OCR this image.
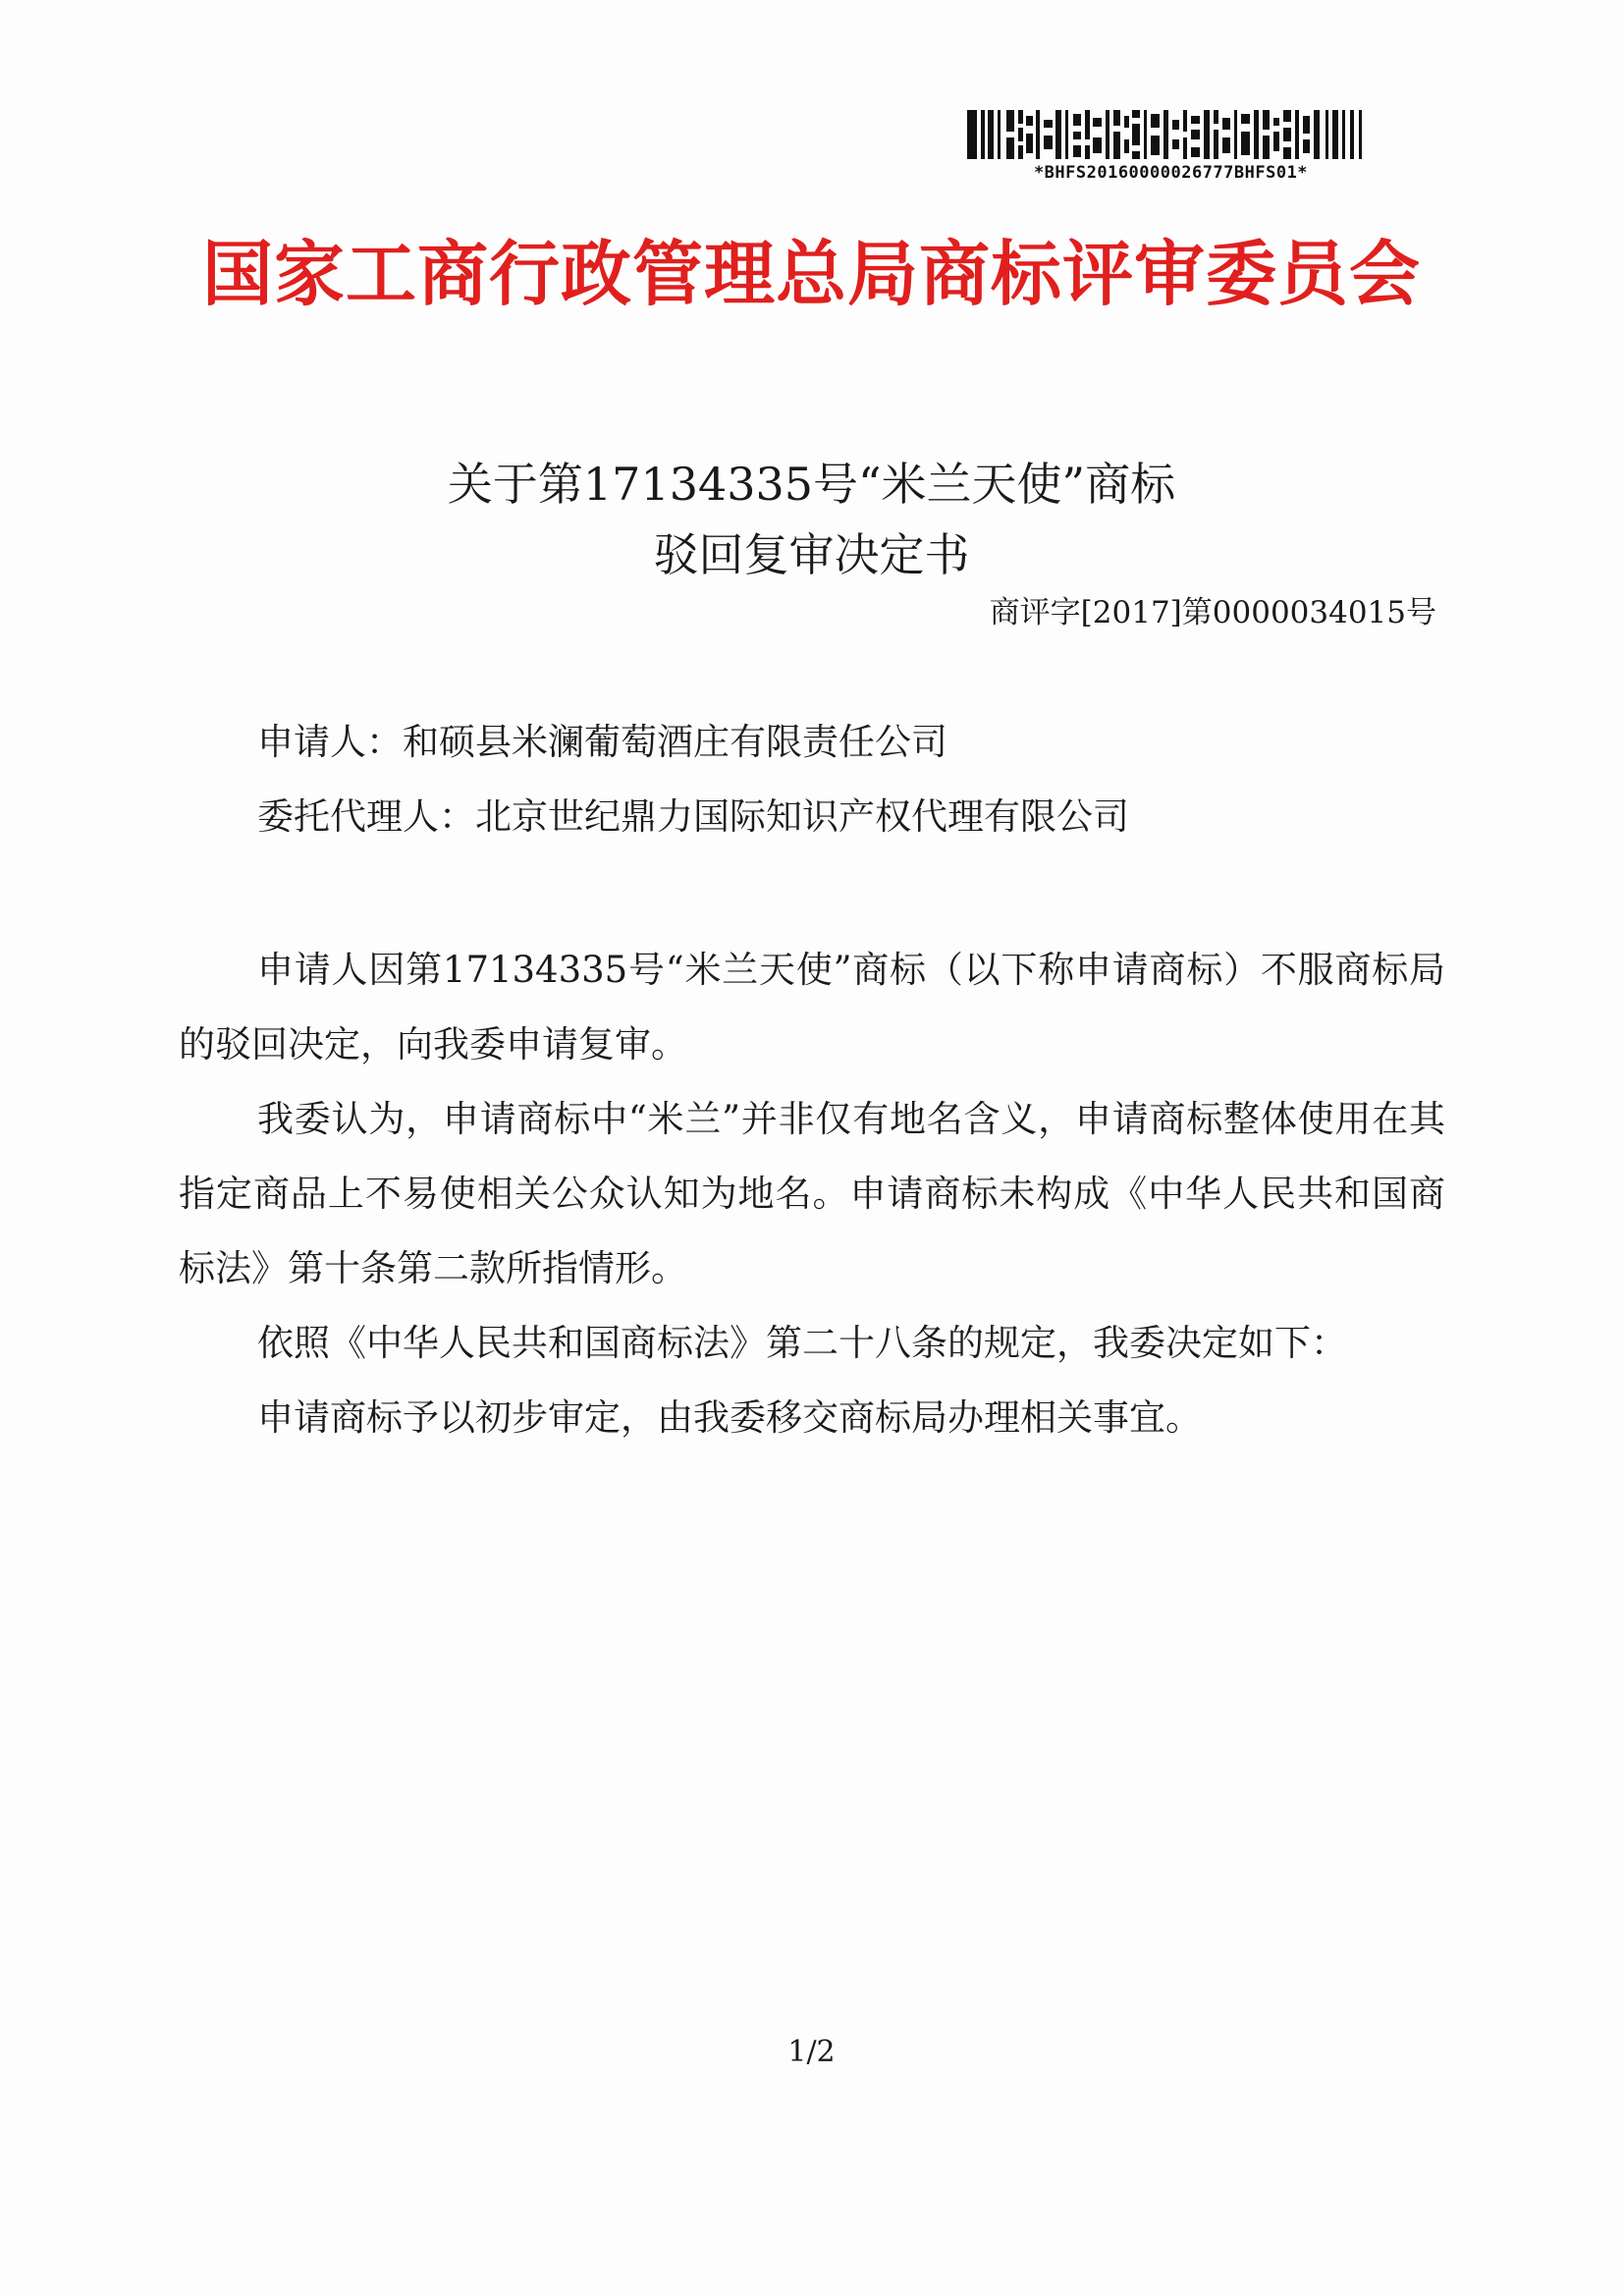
*BHFS20160000026777BHFS01*
国家工商行政管理总局商标评审委员会
关于第17134335号“米兰天使”商标
驳回复审决定书
商评字[2017]第0000034015号
申请人：和硕县米澜葡萄酒庄有限责任公司
委托代理人：北京世纪鼎力国际知识产权代理有限公司

申请人因第17134335号“米兰天使”商标（以下称申请商标）不服商标局的驳回决定，向我委申请复审。

我委认为，申请商标中“米兰”并非仅有地名含义，申请商标整体使用在其指定商品上不易使相关公众认知为地名。申请商标未构成《中华人民共和国商标法》第十条第二款所指情形。

依照《中华人民共和国商标法》第二十八条的规定，我委决定如下：

申请商标予以初步审定，由我委移交商标局办理相关事宜。

1/2
